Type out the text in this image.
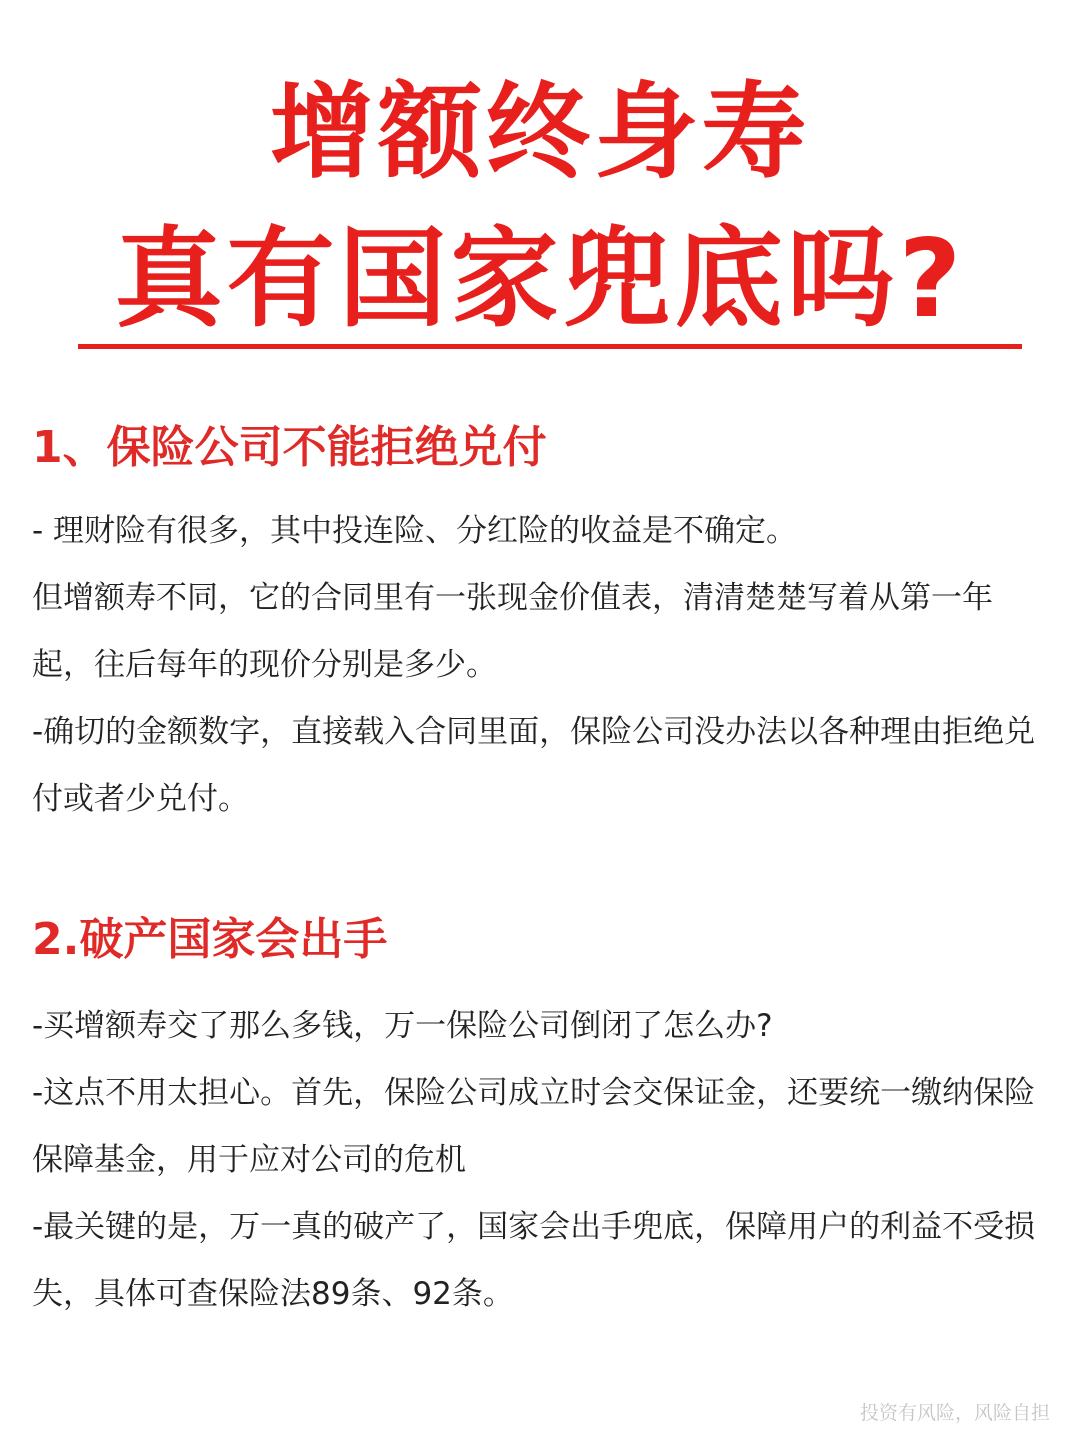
增额终身寿
真有国家兜底吗?
1、保险公司不能拒绝兑付

- 理财险有很多，其中投连险、分红险的收益是不确定。

但增额寿不同，它的合同里有一张现金价值表，清清楚楚写着从第一年起，往后每年的现价分别是多少。

-确切的金额数字，直接载入合同里面，保险公司没办法以各种理由拒绝兑付或者少兑付。

2.破产国家会出手

-买增额寿交了那么多钱，万一保险公司倒闭了怎么办?

-这点不用太担心。首先，保险公司成立时会交保证金，还要统一缴纳保险保障基金，用于应对公司的危机

-最关键的是，万一真的破产了，国家会出手兜底，保障用户的利益不受损失，具体可查保险法89条、92条。

投资有风险，风险自担
